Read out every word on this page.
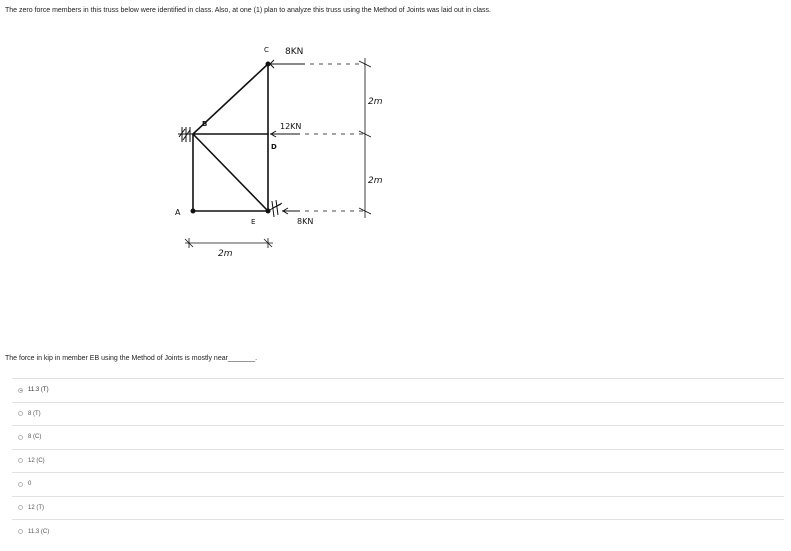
The zero force members in this truss below were identified in class. Also, at one (1) plan to analyze this truss using the Method of Joints was laid out in class.
C
B
D
A
E
8KN
12KN
8KN
2m
2m
2m
The force in kip in member EB using the Method of Joints is mostly near_______.
11.3 (T)
8 (T)
8 (C)
12 (C)
0
12 (T)
11.3 (C)
